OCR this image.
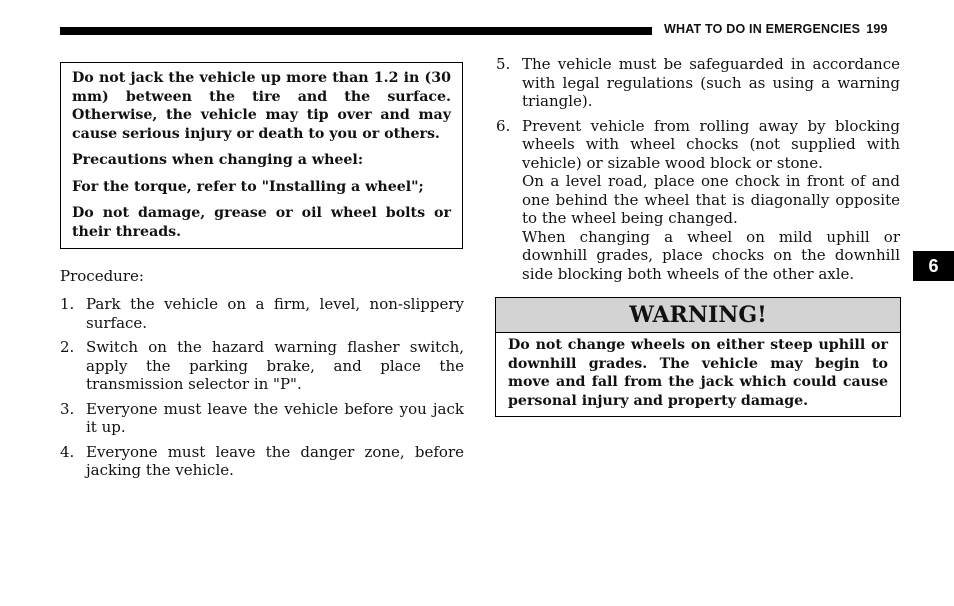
WHAT TO DO IN EMERGENCIES 199
6

Do not jack the vehicle up more than 1.2 in (30 mm) between the tire and the surface. Otherwise, the vehicle may tip over and may cause serious injury or death to you or others.

Precautions when changing a wheel:

For the torque, refer to "Installing a wheel";

Do not damage, grease or oil wheel bolts or their threads.

Procedure:
1. Park the vehicle on a firm, level, non-slippery surface.

2. Switch on the hazard warning flasher switch, apply the parking brake, and place the transmission selector in "P".

3. Everyone must leave the vehicle before you jack it up.

4. Everyone must leave the danger zone, before jacking the vehicle.

5. The vehicle must be safeguarded in accordance with legal regulations (such as using a warning triangle).

6. Prevent vehicle from rolling away by blocking wheels with wheel chocks (not supplied with vehicle) or sizable wood block or stone.

On a level road, place one chock in front of and one behind the wheel that is diagonally opposite to the wheel being changed.

When changing a wheel on mild uphill or downhill grades, place chocks on the downhill side blocking both wheels of the other axle.

WARNING!
Do not change wheels on either steep uphill or downhill grades. The vehicle may begin to move and fall from the jack which could cause personal injury and property damage.
